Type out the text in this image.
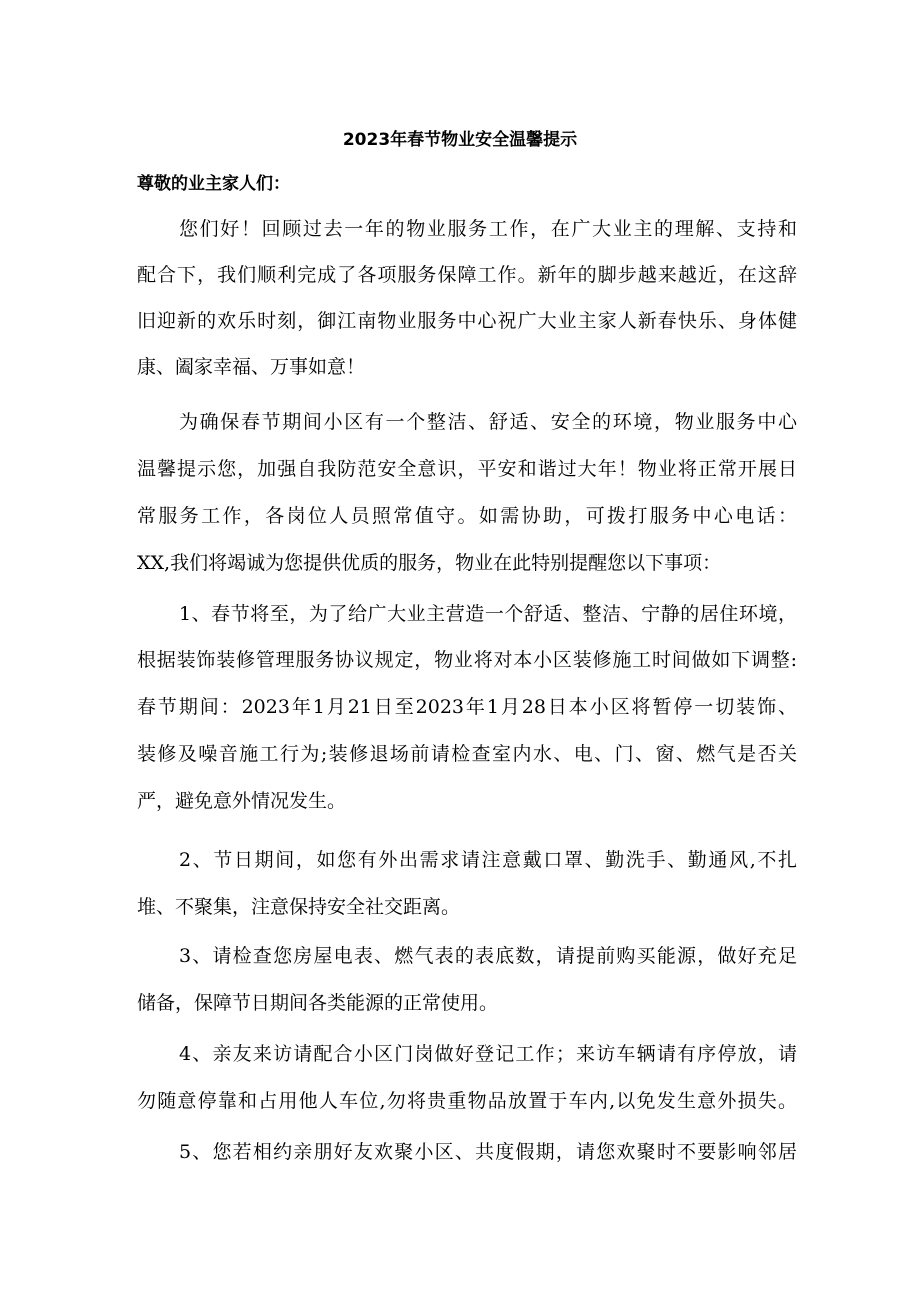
2023年春节物业安全温馨提示
尊敬的业主家人们：
您们好！回顾过去一年的物业服务工作，在广大业主的理解、支持和
配合下，我们顺利完成了各项服务保障工作。新年的脚步越来越近，在这辞
旧迎新的欢乐时刻，御江南物业服务中心祝广大业主家人新春快乐、身体健
康、阖家幸福、万事如意！
为确保春节期间小区有一个整洁、舒适、安全的环境，物业服务中心
温馨提示您，加强自我防范安全意识，平安和谐过大年！物业将正常开展日
常服务工作，各岗位人员照常值守。如需协助，可拨打服务中心电话：
XX,我们将竭诚为您提供优质的服务，物业在此特别提醒您以下事项：
1、春节将至，为了给广大业主营造一个舒适、整洁、宁静的居住环境，
根据装饰装修管理服务协议规定，物业将对本小区装修施工时间做如下调整:
春节期间：2023年1月21日至2023年1月28日本小区将暂停一切装饰、
装修及噪音施工行为;装修退场前请检查室内水、电、门、窗、燃气是否关
严，避免意外情况发生。
2、节日期间，如您有外出需求请注意戴口罩、勤洗手、勤通风,不扎
堆、不聚集，注意保持安全社交距离。
3、请检查您房屋电表、燃气表的表底数，请提前购买能源，做好充足
储备，保障节日期间各类能源的正常使用。
4、亲友来访请配合小区门岗做好登记工作；来访车辆请有序停放，请
勿随意停靠和占用他人车位,勿将贵重物品放置于车内,以免发生意外损失。
5、您若相约亲朋好友欢聚小区、共度假期，请您欢聚时不要影响邻居
